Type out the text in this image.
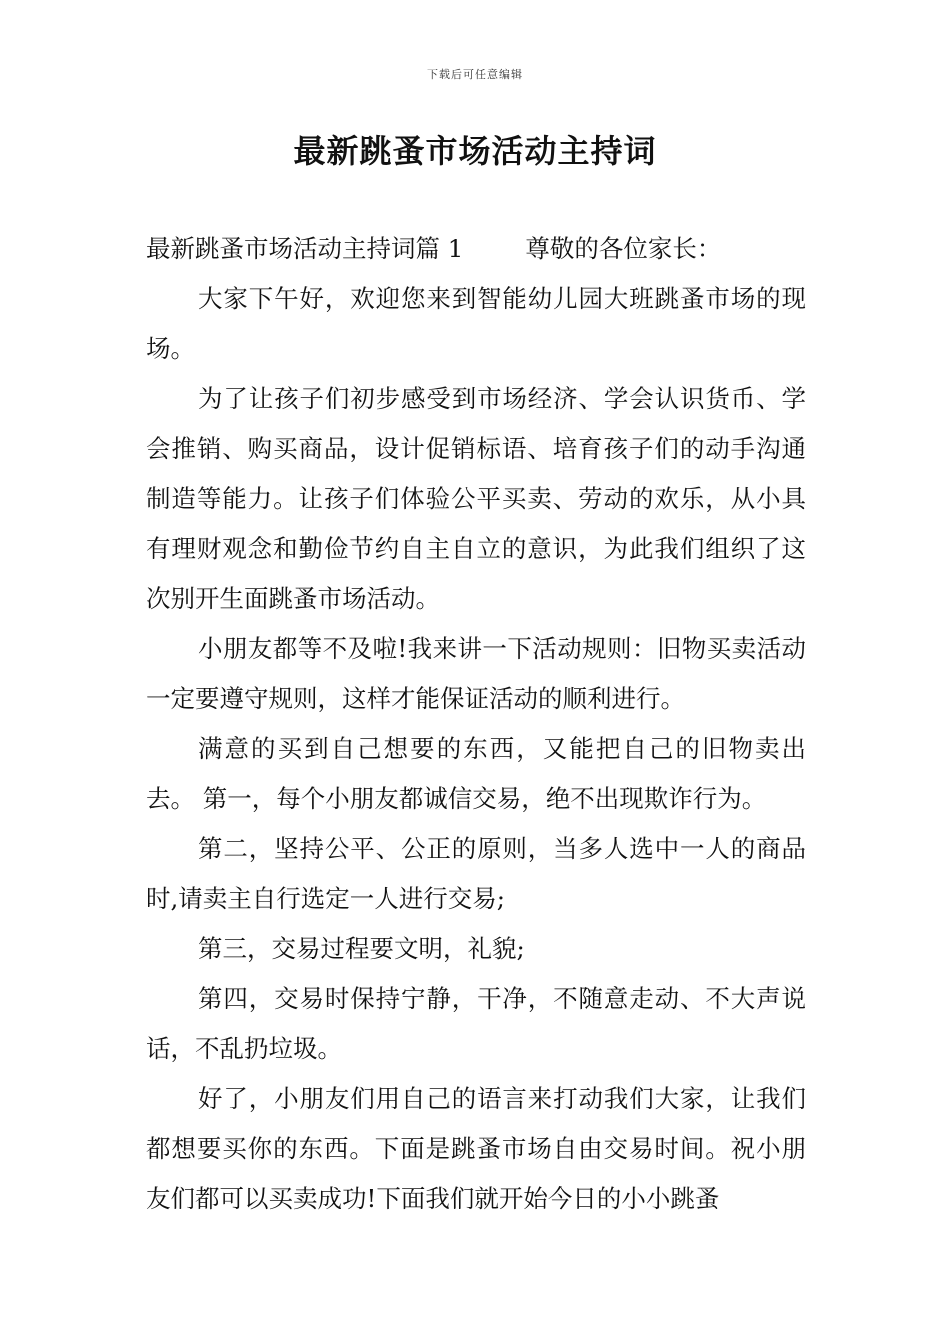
下载后可任意编辑
最新跳蚤市场活动主持词

最新跳蚤市场活动主持词篇 1	尊敬的各位家长：

大家下午好，欢迎您来到智能幼儿园大班跳蚤市场的现场。

为了让孩子们初步感受到市场经济、学会认识货币、学会推销、购买商品，设计促销标语、培育孩子们的动手沟通制造等能力。让孩子们体验公平买卖、劳动的欢乐，从小具有理财观念和勤俭节约自主自立的意识，为此我们组织了这次别开生面跳蚤市场活动。

小朋友都等不及啦!我来讲一下活动规则：旧物买卖活动一定要遵守规则，这样才能保证活动的顺利进行。

满意的买到自己想要的东西，又能把自己的旧物卖出去。 第一，每个小朋友都诚信交易，绝不出现欺诈行为。

第二，坚持公平、公正的原则，当多人选中一人的商品时,请卖主自行选定一人进行交易;

第三，交易过程要文明，礼貌;

第四，交易时保持宁静，干净，不随意走动、不大声说话，不乱扔垃圾。

好了，小朋友们用自己的语言来打动我们大家，让我们都想要买你的东西。下面是跳蚤市场自由交易时间。祝小朋友们都可以买卖成功!下面我们就开始今日的小小跳蚤
